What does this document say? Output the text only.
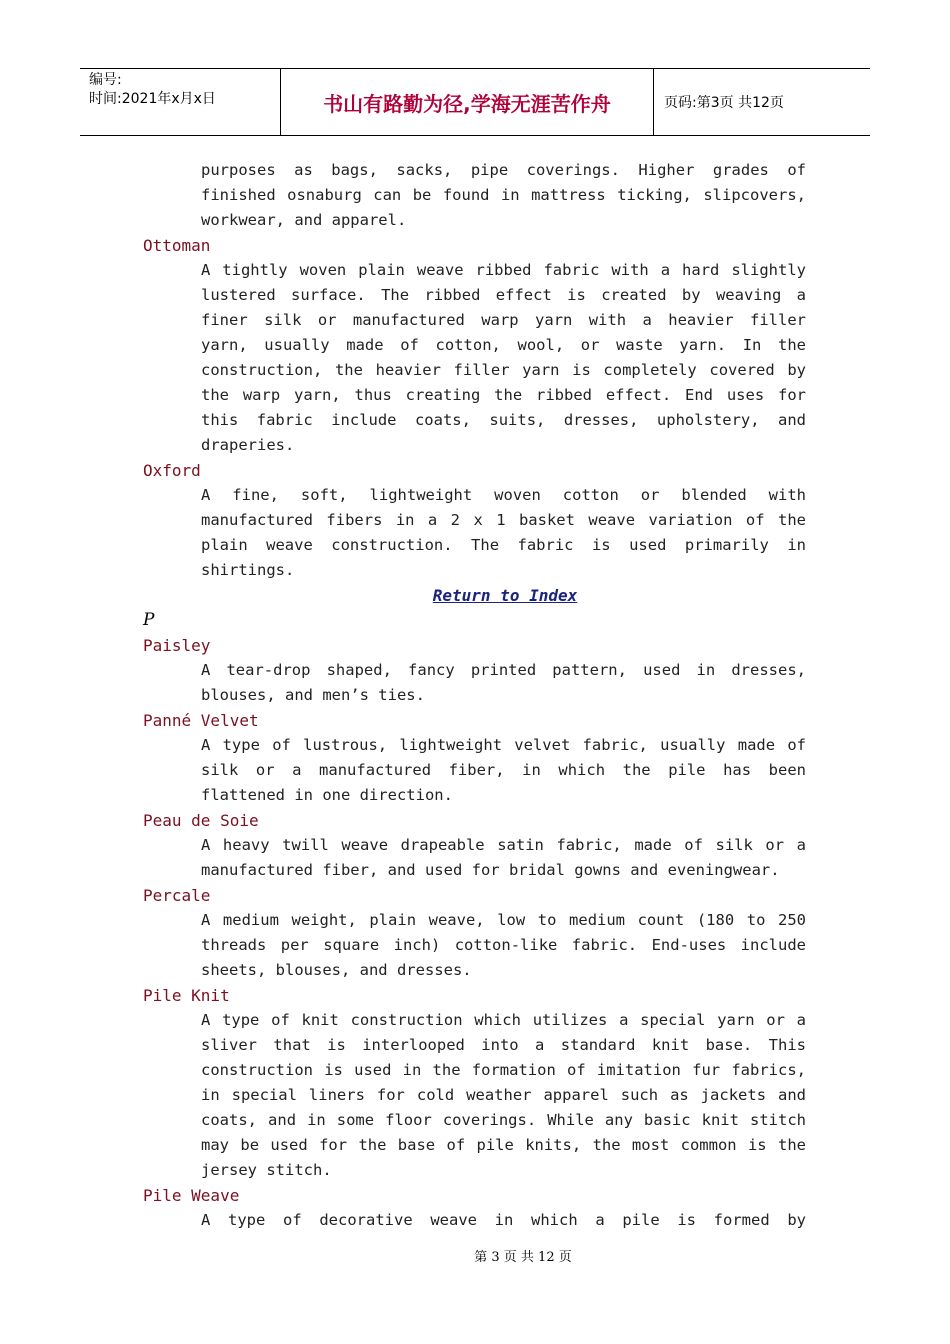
编号:
时间:2021年x月x日	书山有路勤为径,学海无涯苦作舟	页码:第3页 共12页
purposes as bags, sacks, pipe coverings. Higher grades of
finished osnaburg can be found in mattress ticking, slipcovers,
workwear, and apparel.
Ottoman
A tightly woven plain weave ribbed fabric with a hard slightly
lustered surface. The ribbed effect is created by weaving a
finer silk or manufactured warp yarn with a heavier filler
yarn, usually made of cotton, wool, or waste yarn. In the
construction, the heavier filler yarn is completely covered by
the warp yarn, thus creating the ribbed effect. End uses for
this fabric include coats, suits, dresses, upholstery, and
draperies.
Oxford
A fine, soft, lightweight woven cotton or blended with
manufactured fibers in a 2 x 1 basket weave variation of the
plain weave construction. The fabric is used primarily in
shirtings.
Return to Index
P
Paisley
A tear-drop shaped, fancy printed pattern, used in dresses,
blouses, and men’s ties.
Panné Velvet
A type of lustrous, lightweight velvet fabric, usually made of
silk or a manufactured fiber, in which the pile has been
flattened in one direction.
Peau de Soie
A heavy twill weave drapeable satin fabric, made of silk or a
manufactured fiber, and used for bridal gowns and eveningwear.
Percale
A medium weight, plain weave, low to medium count (180 to 250
threads per square inch) cotton-like fabric. End-uses include
sheets, blouses, and dresses.
Pile Knit
A type of knit construction which utilizes a special yarn or a
sliver that is interlooped into a standard knit base. This
construction is used in the formation of imitation fur fabrics,
in special liners for cold weather apparel such as jackets and
coats, and in some floor coverings. While any basic knit stitch
may be used for the base of pile knits, the most common is the
jersey stitch.
Pile Weave
A type of decorative weave in which a pile is formed by
第 3 页 共 12 页
